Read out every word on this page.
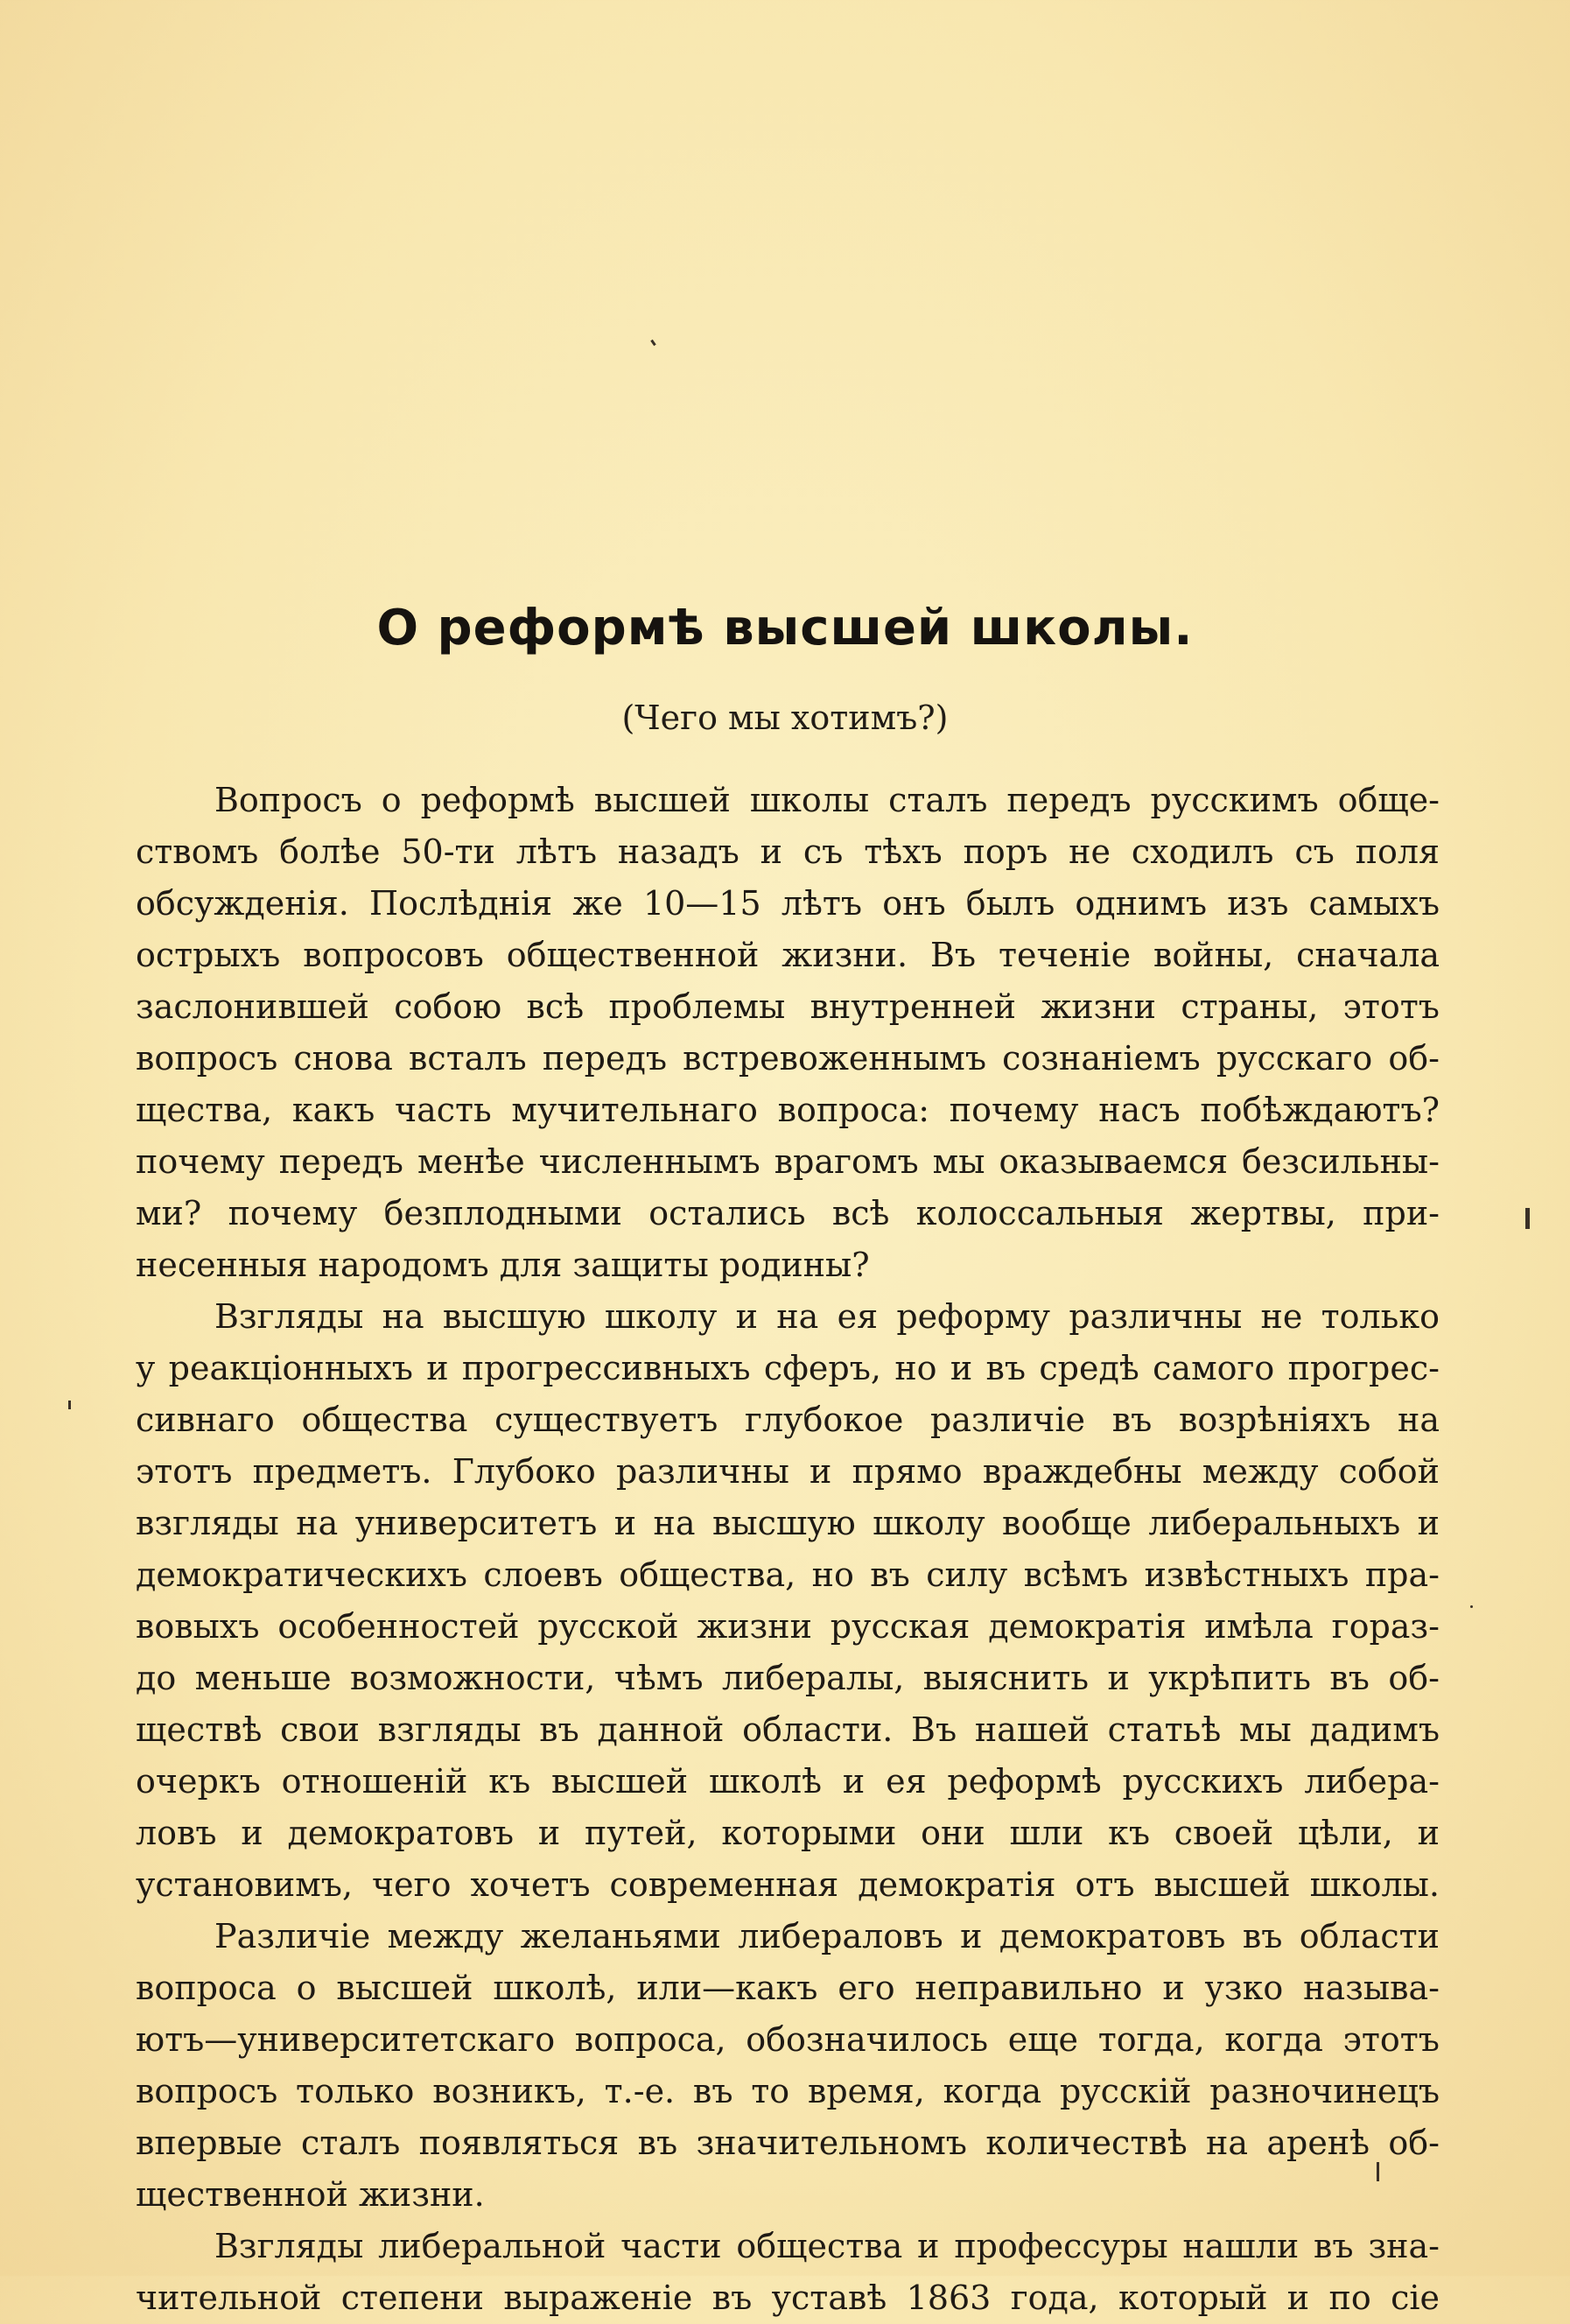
О реформѣ высшей школы.
(Чего мы хотимъ?)
Вопросъ о реформѣ высшей школы сталъ передъ русскимъ обще-
ствомъ болѣе 50-ти лѣтъ назадъ и съ тѣхъ поръ не сходилъ съ поля
обсужденія. Послѣднія же 10—15 лѣтъ онъ былъ однимъ изъ самыхъ
острыхъ вопросовъ общественной жизни. Въ теченіе войны, сначала
заслонившей собою всѣ проблемы внутренней жизни страны, этотъ
вопросъ снова всталъ передъ встревоженнымъ сознаніемъ русскаго об-
щества, какъ часть мучительнаго вопроса: почему насъ побѣждаютъ?
почему передъ менѣе численнымъ врагомъ мы оказываемся безсильны-
ми? почему безплодными остались всѣ колоссальныя жертвы, при-
несенныя народомъ для защиты родины?
Взгляды на высшую школу и на ея реформу различны не только
у реакціонныхъ и прогрессивныхъ сферъ, но и въ средѣ самого прогрес-
сивнаго общества существуетъ глубокое различіе въ возрѣніяхъ на
этотъ предметъ. Глубоко различны и прямо враждебны между собой
взгляды на университетъ и на высшую школу вообще либеральныхъ и
демократическихъ слоевъ общества, но въ силу всѣмъ извѣстныхъ пра-
вовыхъ особенностей русской жизни русская демократія имѣла гораз-
до меньше возможности, чѣмъ либералы, выяснить и укрѣпить въ об-
ществѣ свои взгляды въ данной области. Въ нашей статьѣ мы дадимъ
очеркъ отношеній къ высшей школѣ и ея реформѣ русскихъ либера-
ловъ и демократовъ и путей, которыми они шли къ своей цѣли, и
установимъ, чего хочетъ современная демократія отъ высшей школы.
Различіе между желаньями либераловъ и демократовъ въ области
вопроса о высшей школѣ, или—какъ его неправильно и узко называ-
ютъ—университетскаго вопроса, обозначилось еще тогда, когда этотъ
вопросъ только возникъ, т.-е. въ то время, когда русскій разночинецъ
впервые сталъ появляться въ значительномъ количествѣ на аренѣ об-
щественной жизни.
Взгляды либеральной части общества и профессуры нашли въ зна-
чительной степени выраженіе въ уставѣ 1863 года, который и по сіе
